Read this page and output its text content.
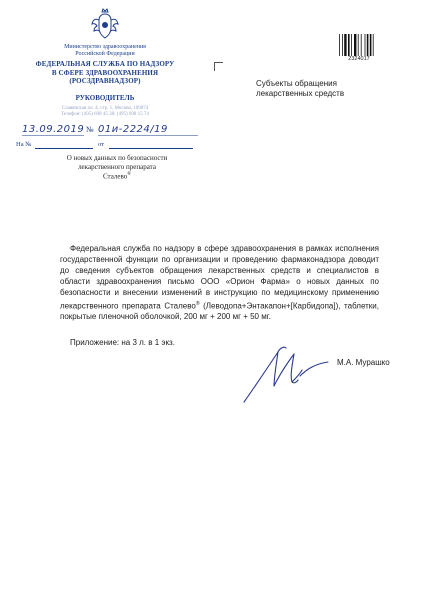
Министерство здравоохранения
Российской Федерации
ФЕДЕРАЛЬНАЯ СЛУЖБА ПО НАДЗОРУ
В СФЕРЕ ЗДРАВООХРАНЕНИЯ
(РОСЗДРАВНАДЗОР)
РУКОВОДИТЕЛЬ
Славянская пл. 4, стр. 1, Москва, 109074
Телефон: (495) 698 45 38; (495) 698 15 74
13.09.2019 № 01и-2224/19
На №	от
О новых данных по безопасности
лекарственного препарата
Сталево®
2324017
Субъекты обращения
лекарственных средств
Федеральная служба по надзору в сфере здравоохранения в рамках исполнения государственной функции по организации и проведению фармаконадзора доводит до сведения субъектов обращения лекарственных средств и специалистов в области здравоохранения письмо ООО «Орион Фарма» о новых данных по безопасности и внесении изменений в инструкцию по медицинскому применению лекарственного препарата Сталево® (Леводопа+Энтакапон+[Карбидопа]), таблетки, покрытые пленочной оболочкой, 200 мг + 200 мг + 50 мг.
Приложение: на 3 л. в 1 экз.
М.А. Мурашко
